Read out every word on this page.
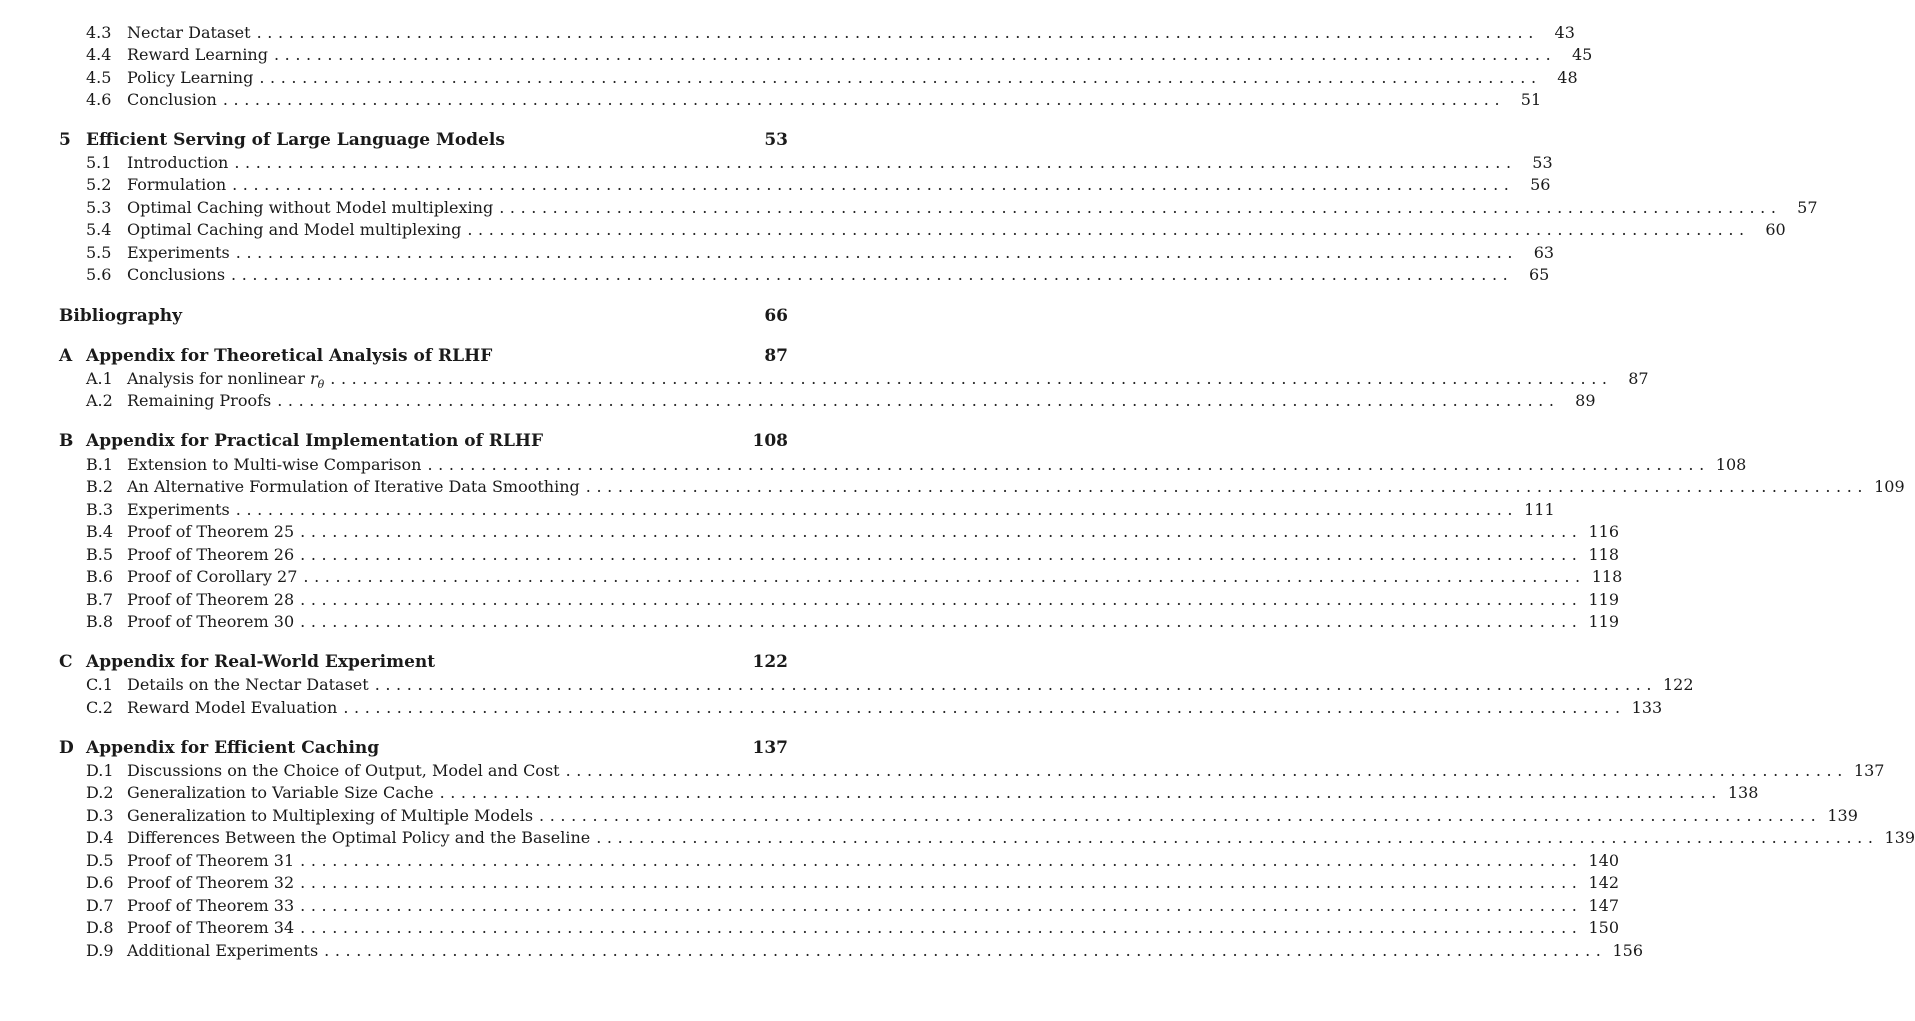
4.3 Nectar Dataset ........................................................................................................................ 43
4.4 Reward Learning ........................................................................................................................ 45
4.5 Policy Learning ........................................................................................................................ 48
4.6 Conclusion ........................................................................................................................ 51
5 Efficient Serving of Large Language Models	53
5.1 Introduction ........................................................................................................................ 53
5.2 Formulation ........................................................................................................................ 56
5.3 Optimal Caching without Model multiplexing ........................................................................................................................ 57
5.4 Optimal Caching and Model multiplexing ........................................................................................................................ 60
5.5 Experiments ........................................................................................................................ 63
5.6 Conclusions ........................................................................................................................ 65
Bibliography	66
A Appendix for Theoretical Analysis of RLHF	87
A.1 Analysis for nonlinear $r_\theta$ ........................................................................................................................ 87
A.2 Remaining Proofs ........................................................................................................................ 89
B Appendix for Practical Implementation of RLHF	108
B.1 Extension to Multi-wise Comparison ........................................................................................................................ 108
B.2 An Alternative Formulation of Iterative Data Smoothing ........................................................................................................................ 109
B.3 Experiments ........................................................................................................................ 111
B.4 Proof of Theorem 25 ........................................................................................................................ 116
B.5 Proof of Theorem 26 ........................................................................................................................ 118
B.6 Proof of Corollary 27 ........................................................................................................................ 118
B.7 Proof of Theorem 28 ........................................................................................................................ 119
B.8 Proof of Theorem 30 ........................................................................................................................ 119
C Appendix for Real-World Experiment	122
C.1 Details on the Nectar Dataset ........................................................................................................................ 122
C.2 Reward Model Evaluation ........................................................................................................................ 133
D Appendix for Efficient Caching	137
D.1 Discussions on the Choice of Output, Model and Cost ........................................................................................................................ 137
D.2 Generalization to Variable Size Cache ........................................................................................................................ 138
D.3 Generalization to Multiplexing of Multiple Models ........................................................................................................................ 139
D.4 Differences Between the Optimal Policy and the Baseline ........................................................................................................................ 139
D.5 Proof of Theorem 31 ........................................................................................................................ 140
D.6 Proof of Theorem 32 ........................................................................................................................ 142
D.7 Proof of Theorem 33 ........................................................................................................................ 147
D.8 Proof of Theorem 34 ........................................................................................................................ 150
D.9 Additional Experiments ........................................................................................................................ 156
